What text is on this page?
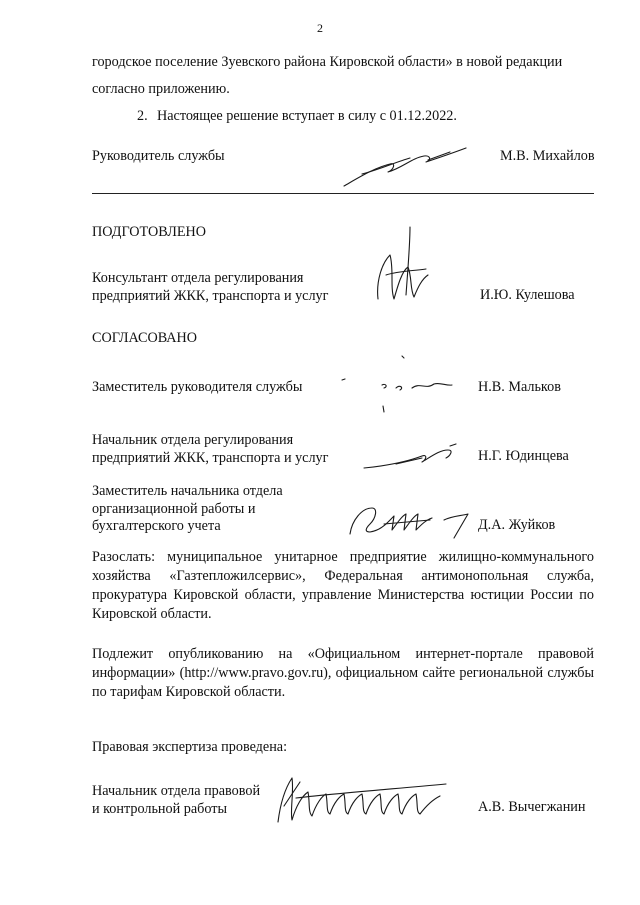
2
городское поселение Зуевского района Кировской области» в новой редакции
согласно приложению.
2. Настоящее решение вступает в силу с 01.12.2022.
Руководитель службы	М.В. Михайлов
ПОДГОТОВЛЕНО
Консультант отдела регулирования
предприятий ЖКК, транспорта и услуг	И.Ю. Кулешова
СОГЛАСОВАНО
Заместитель руководителя службы	Н.В. Мальков
Начальник отдела регулирования
предприятий ЖКК, транспорта и услуг	Н.Г. Юдинцева
Заместитель начальника отдела
организационной работы и
бухгалтерского учета	Д.А. Жуйков
Разослать: муниципальное унитарное предприятие жилищно-коммунального хозяйства «Газтепложилсервис», Федеральная антимонопольная служба, прокуратура Кировской области, управление Министерства юстиции России по Кировской области.
Подлежит опубликованию на «Официальном интернет-портале правовой информации» (http://www.pravo.gov.ru), официальном сайте региональной службы по тарифам Кировской области.
Правовая экспертиза проведена:
Начальник отдела правовой
и контрольной работы	А.В. Вычегжанин
